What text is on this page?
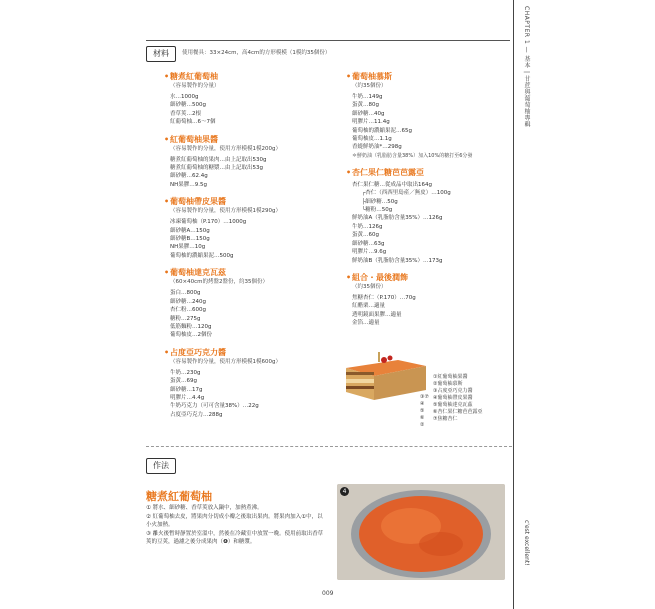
CHAPTER 1 — 基本 | 甘蔗與葡萄柚專輯
c'est excellent!
材料	使用餐具：33×24cm，高4cm的方形模模（1模約35個份）
• 糖煮紅葡萄柚
（容易製作的分量）
水…1000g
細砂糖…500g
香草莢…2根
紅葡萄柚…6～7個
• 紅葡萄柚果醬
（容易製作的分量，使用方形模模1模200g）
糖煮紅葡萄柚的果肉…由上記取出530g
糖煮紅葡萄柚的糖漿…由上記取出53g
細砂糖…62.4g
NH果膠…9.5g
• 葡萄柚帶皮果醬
（容易製作的分量，使用方形模模1模290g）
冰凍葡萄柚（P.170）…1000g
細砂糖A…150g
細砂糖B…150g
NH果膠…10g
葡萄柚的濃縮果泥…500g
• 葡萄柚達克瓦茲
（60×40cm的烤盤2盤份，約35個份）
蛋白…800g
細砂糖…240g
杏仁粉…600g
糖粉…275g
低筋麵粉…120g
葡萄柚皮…2個份
• 占度亞巧克力醬
（容易製作的分量，使用方形模模1模600g）
牛奶…230g
蛋黃…69g
細砂糖…17g
明膠片…4.4g
牛奶巧克力（可可含量38%）…22g
占度亞巧克力…288g
• 葡萄柚慕斯
（約35個份）
牛奶…149g
蛋黃…80g
細砂糖…40g
明膠片…11.4g
葡萄柚的濃縮果泥…65g
葡萄柚皮…1.1g
香緹鮮奶油*…298g
＊鮮奶油（乳脂肪含量38%）加入10%的糖打至6分發
• 杏仁果仁糖芭芭露亞
杏仁果仁糖…從成品中取出164g
┌杏仁（西西里島產／無皮）…100g
├細砂糖…50g
└糖粉…50g
鮮奶油A（乳脂肪含量35%）…126g
牛奶…126g
蛋黃…60g
細砂糖…63g
明膠片…9.6g
鮮奶油B（乳脂肪含量35%）…173g
• 組合・最後潤飾
（約35個份）
焦糖杏仁（P.170）…70g
紅醋栗…適量
透明鏡面果膠…適量
金箔…適量
③⑦
④
⑤
⑥
②
①紅葡萄柚果醬
②葡萄柚慕斯
③占度亞巧克力醬
④葡萄柚帶皮果醬
⑤葡萄柚達克瓦茲
⑥杏仁果仁糖芭芭露亞
⑦焦糖杏仁
作法
糖煮紅葡萄柚
① 將水、細砂糖、香草莢放入鍋中，加熱煮沸。
② 紅葡萄柚去皮，將果肉分切成小瓣之後取出果肉。將果肉加入①中，以小火加熱。
③ 離火後暫時靜置於室溫中，然後在冷藏室中放置一晚。使用前取出香草莢的豆莢，過濾之後分成果肉（❹）和糖漿。
4
009
